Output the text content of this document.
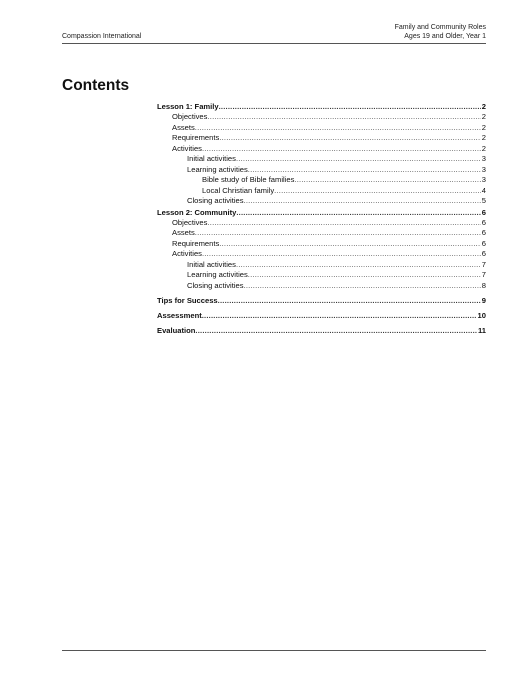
Compassion International
Family and Community Roles
Ages 19 and Older, Year 1
Contents
Lesson 1: Family .....	2
Objectives .....	2
Assets .....	2
Requirements .....	2
Activities .....	2
Initial activities .....	3
Learning activities .....	3
Bible study of Bible families .....	3
Local Christian family .....	4
Closing activities .....	5
Lesson 2: Community .....	6
Objectives .....	6
Assets .....	6
Requirements .....	6
Activities .....	6
Initial activities .....	7
Learning activities .....	7
Closing activities .....	8
Tips for Success .....	9
Assessment .....	10
Evaluation .....	11
